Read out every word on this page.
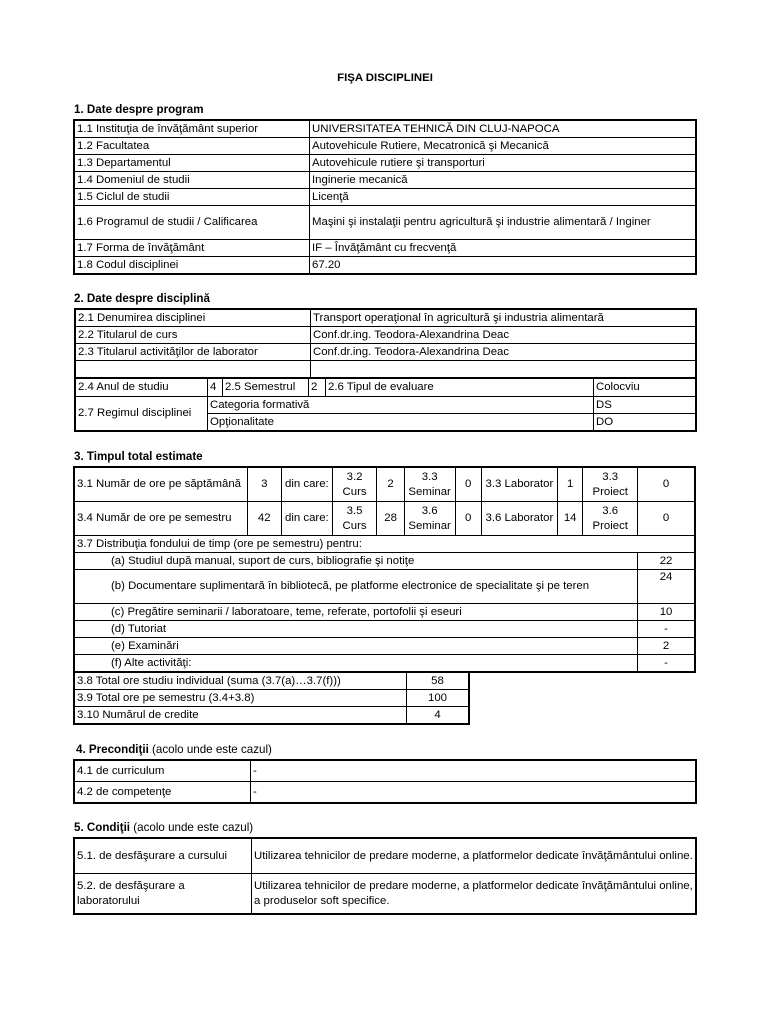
FIŞA DISCIPLINEI
1. Date despre program
1.1 Instituţia de învăţământ superior	UNIVERSITATEA TEHNICĂ DIN CLUJ-NAPOCA
1.2 Facultatea	Autovehicule Rutiere, Mecatronică şi Mecanică
1.3 Departamentul	Autovehicule rutiere şi transporturi
1.4 Domeniul de studii	Inginerie mecanică
1.5 Ciclul de studii	Licenţă
1.6 Programul de studii / Calificarea	Maşini şi instalaţii pentru agricultură şi industrie alimentară / Inginer
1.7 Forma de învăţământ	IF – Învăţământ cu frecvenţă
1.8 Codul disciplinei	67.20
2. Date despre disciplină
2.1 Denumirea disciplinei	Transport operaţional în agricultură şi industria alimentară
2.2 Titularul de curs	Conf.dr.ing. Teodora-Alexandrina Deac
2.3 Titularul activităţilor de laborator	Conf.dr.ing. Teodora-Alexandrina Deac

2.4 Anul de studiu	4	2.5 Semestrul	2	2.6 Tipul de evaluare	Colocviu
2.7 Regimul disciplinei	Categoria formativă				DS
	Opţionalitate				DO
3. Timpul total estimate
3.1 Număr de ore pe săptămână	3	din care:	3.2 Curs	2	3.3 Seminar	0	3.3 Laborator	1	3.3 Proiect	0
3.4 Număr de ore pe semestru	42	din care:	3.5 Curs	28	3.6 Seminar	0	3.6 Laborator	14	3.6 Proiect	0
3.7 Distribuţia fondului de timp (ore pe semestru) pentru:										
(a) Studiul după manual, suport de curs, bibliografie şi notiţe										22
(b) Documentare suplimentară în bibliotecă, pe platforme electronice de specialitate şi pe teren										24
(c) Pregătire seminarii / laboratoare, teme, referate, portofolii şi eseuri										10
(d) Tutoriat										-
(e) Examinări										2
(f) Alte activităţi:										-
3.8 Total ore studiu individual (suma (3.7(a)…3.7(f)))	58
3.9 Total ore pe semestru (3.4+3.8)	100
3.10 Numărul de credite	4
4. Precondiţii (acolo unde este cazul)
4.1 de curriculum	-
4.2 de competenţe	-
5. Condiţii (acolo unde este cazul)
5.1. de desfăşurare a cursului	Utilizarea tehnicilor de predare moderne, a platformelor dedicate învăţământului online.
5.2. de desfăşurare a laboratorului	Utilizarea tehnicilor de predare moderne, a platformelor dedicate învăţământului online, a produselor soft specifice.
